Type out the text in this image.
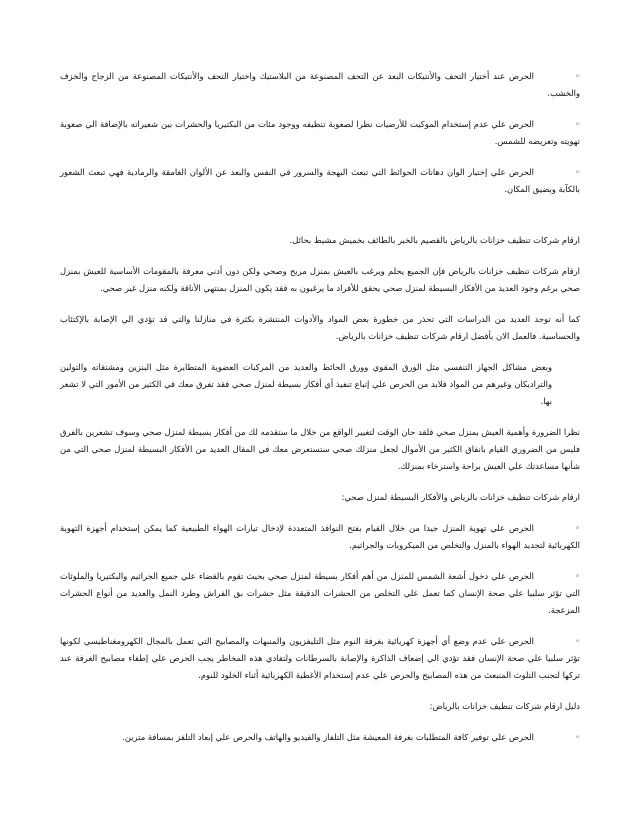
◦الحرص عند أختيار التحف والأنتيكات البعد عن التحف المصنوعة من البلاستيك واختيار التحف والأنتيكات المصنوعة من الزجاج والخزف والخشب.

◦الحرص علي عدم إستخدام الموكيت للأرضيات نظرا لصعوبة تنظيفه ووجود مئات من البكتيريا والحشرات بين شعيراته بالإضافة الي صعوبة تهويته وتعريضه للشمس.

◦الحرص علي إختيار الوان دهانات الحوائط التي تبعث البهجة والسرور في النفس والبعد عن الألوان الغامقة والرمادية فهي تبعث الشعور بالكآبة وبضيق المكان.

ارقام شركات تنظيف خزانات بالرياض بالقصيم بالخبر بالطائف بخميش مشيط بحائل.

ارقام شركات تنظيف خزانات بالرياض فإن الجميع يحلم ويرغب بالعيش بمنزل مريح وصحي ولكن دون أدني معرفة بالمقومات الأساسية للعيش بمنزل صحي برغم وجود العديد من الأفكار البسيطة لمنزل صحي يحقق للأفراد ما يرغبون به فقد يكون المنزل بمنتهي الأناقة ولكنه منزل غير صحي.

كما أنه توجد العديد من الدراسات التي تحذر من خطورة بعض المواد والأدوات المنتشرة بكثرة في منازلنا والتي قد تؤدي الي الإصابة بالإكتئاب والحساسية. فالعمل الان بأفضل ارقام شركات تنظيف خزانات بالرياض.

وبعض مشاكل الجهاز التنفسي مثل الورق المقوي وورق الحائط والعديد من المركبات العضوية المتطايرة مثل البنزين ومشتقاته والتولين والتراديكان وغيرهم من المواد فلابد من الحرص علي إتباع تنفيذ أي أفكار بسيطة لمنزل صحي فقد تفرق معك في الكثير من الأمور التي لا تشعر بها.

نظرا الضرورة وأهمية العيش بمنزل صحي فلقد حان الوقت لتغيير الواقع من خلال ما ستقدمه لك من أفكار بسيطة لمنزل صحي وسوف تشعرين بالفرق فليس من الضروري القيام بانفاق الكثير من الأموال لجعل منزلك صحي ستستعرض معك في المقال العديد من الأفكار البسيطة لمنزل صحي التي من شأنها مساعدتك علي العيش براحة واسترخاء بمنزلك.

ارقام شركات تنظيف خزانات بالرياض والأفكار البسيطة لمنزل صحي:

◦الحرص علي تهوية المنزل جيدا من خلال القيام بفتح النوافذ المتعددة لإدخال تيارات الهواء الطبيعية كما يمكن إستخدام أجهزة التهوية الكهربائية لتجديد الهواء بالمنزل والتخلص من الميكروبات والجراثيم.

◦الحرص علي دخول أشعة الشمس للمنزل من أهم أفكار بسيطة لمنزل صحي بحيث تقوم بالقضاء علي جميع الجراثيم والبكتيريا والملوثات التي تؤثر سلبيا علي صحة الإنسان كما تعمل علي التخلص من الحشرات الدقيقة مثل حشرات بق الفراش وطرد النمل والعديد من أنواع الحشرات المزعجة.

◦الحرص علي عدم وضع أي أجهزة كهربائية بغرفة النوم مثل التليفزيون والمنبهات والمصابيح التي تعمل بالمجال الكهرومغناطيسي لكونها تؤثر سلبيا علي صحة الإنسان فقد تؤدي الي إضعاف الذاكرة والإصابة بالسرطانات ولتفادي هذه المخاطر يجب الحرص علي إطفاء مصابيح الغرفة عند تركها لتجنب التلوث المنبعث من هذه المصابيح والحرص علي عدم إستخدام الأغطية الكهربائية أثناء الخلود للنوم.

دليل ارقام شركات تنظيف خزانات بالرياض:

◦الحرص علي توفير كافة المتطلبات بغرفة المعيشة مثل التلفاز والفيديو والهاتف والحرص علي إبعاد التلفز بمسافة مترين.
